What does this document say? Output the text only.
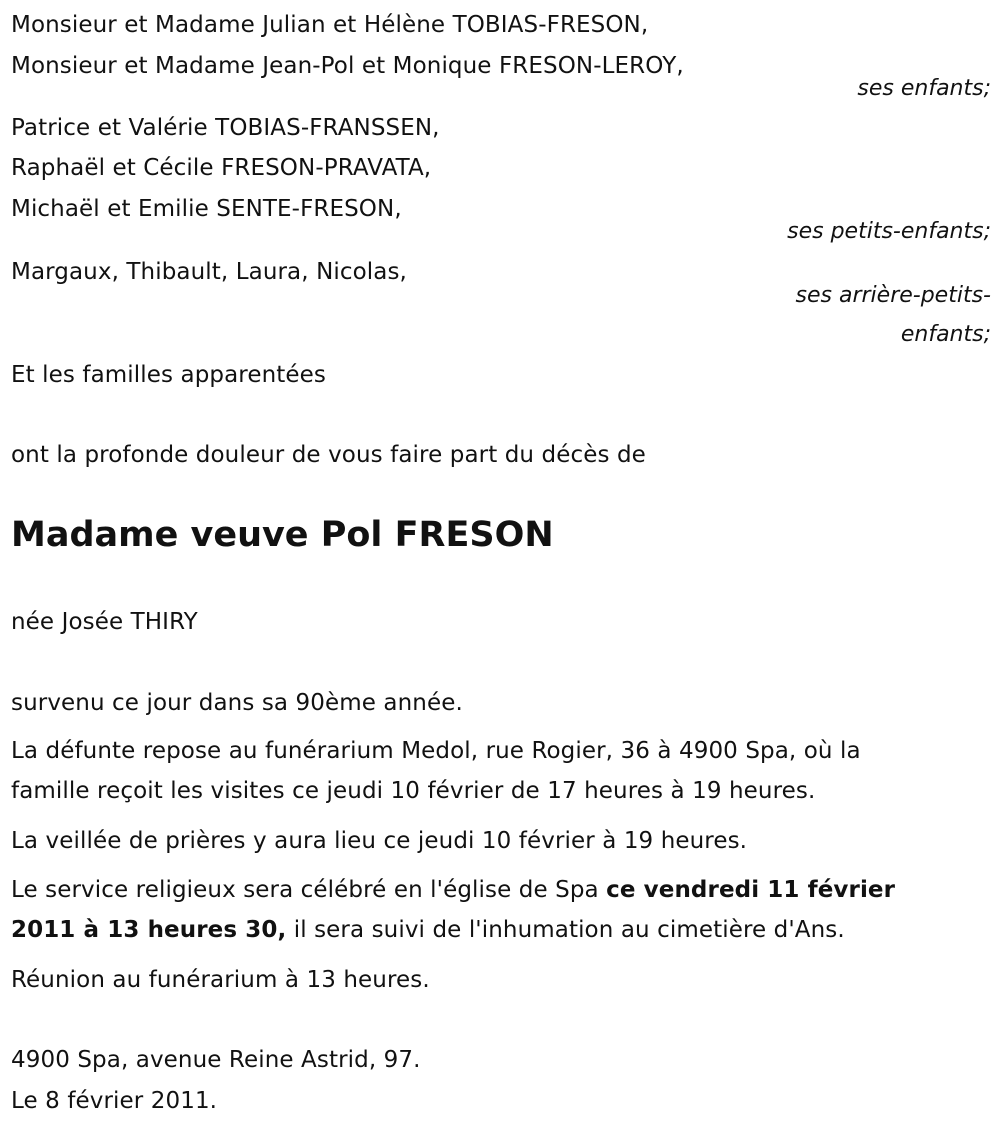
Monsieur et Madame Julian et Hélène TOBIAS-FRESON,
Monsieur et Madame Jean-Pol et Monique FRESON-LEROY,
ses enfants;
Patrice et Valérie TOBIAS-FRANSSEN,
Raphaël et Cécile FRESON-PRAVATA,
Michaël et Emilie SENTE-FRESON,
ses petits-enfants;
Margaux, Thibault, Laura, Nicolas,
ses arrière-petits-
enfants;
Et les familles apparentées
ont la profonde douleur de vous faire part du décès de
Madame veuve Pol FRESON
née Josée THIRY
survenu ce jour dans sa 90ème année.
La défunte repose au funérarium Medol, rue Rogier, 36 à 4900 Spa, où la
famille reçoit les visites ce jeudi 10 février de 17 heures à 19 heures.
La veillée de prières y aura lieu ce jeudi 10 février à 19 heures.
Le service religieux sera célébré en l'église de Spa ce vendredi 11 février
2011 à 13 heures 30, il sera suivi de l'inhumation au cimetière d'Ans.
Réunion au funérarium à 13 heures.
4900 Spa, avenue Reine Astrid, 97.
Le 8 février 2011.
